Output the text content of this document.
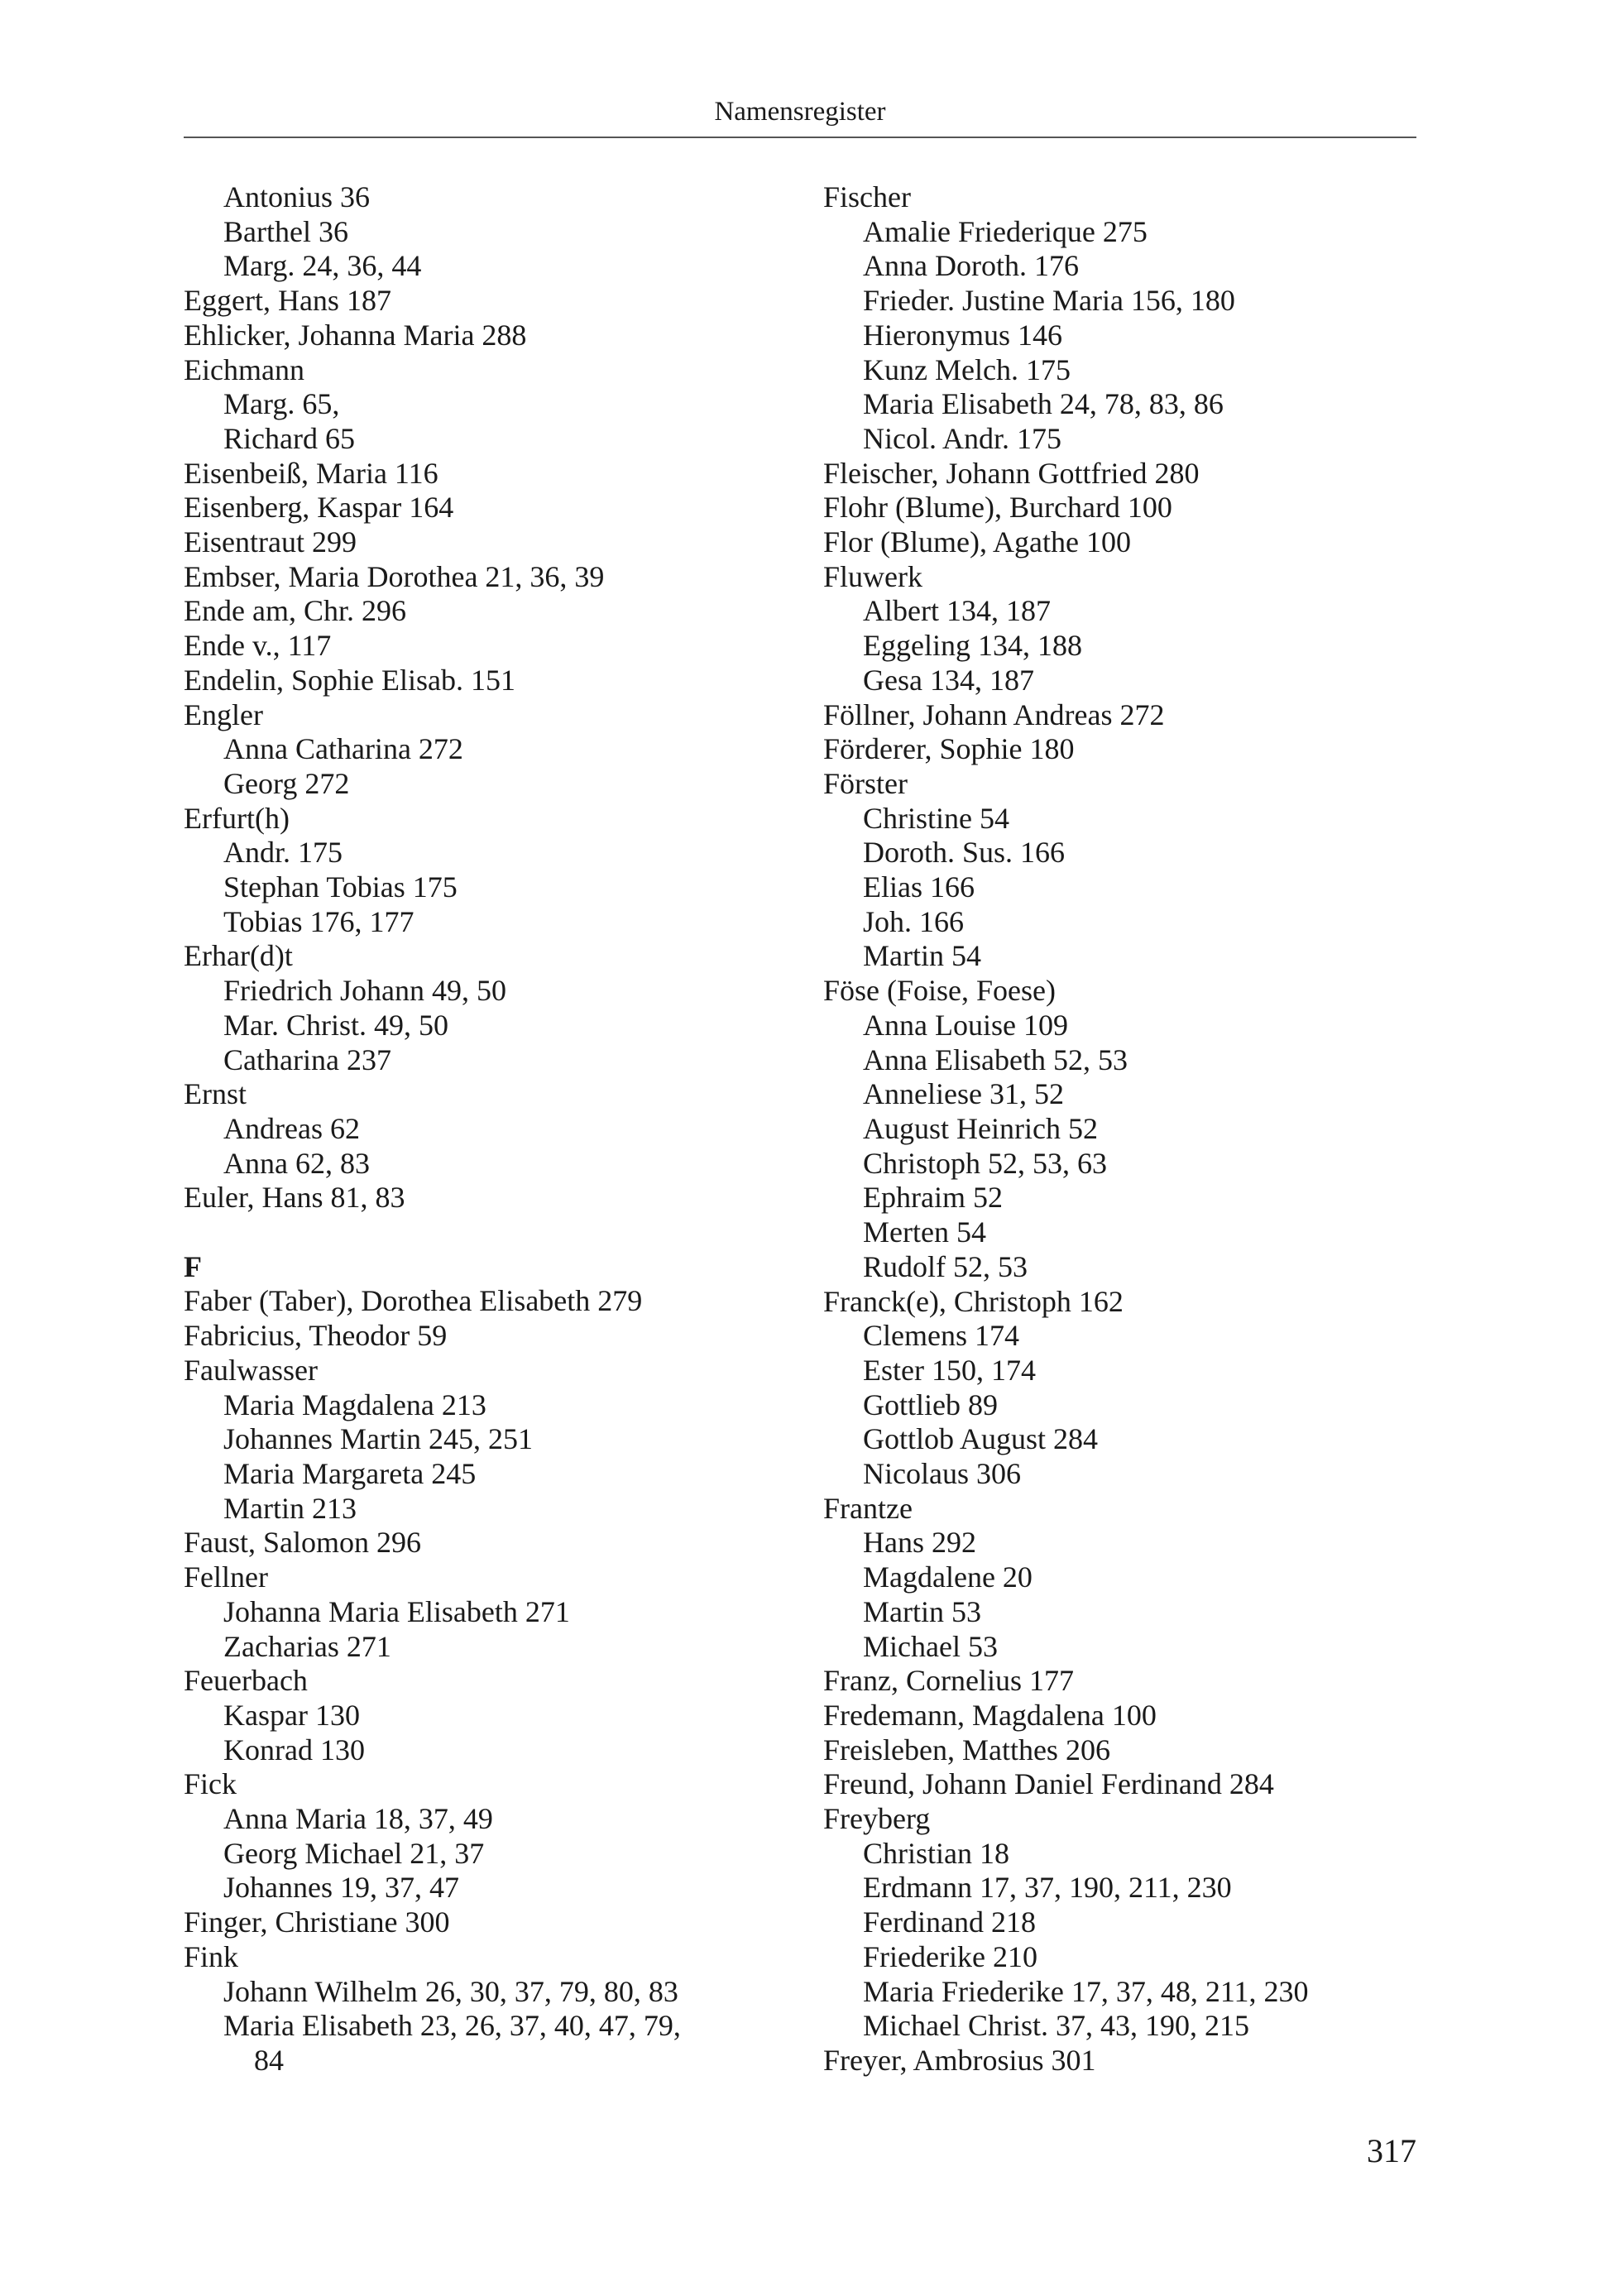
Namensregister
Antonius 36
Barthel 36
Marg. 24, 36, 44
Eggert, Hans 187
Ehlicker, Johanna Maria 288
Eichmann
Marg. 65,
Richard 65
Eisenbeiß, Maria 116
Eisenberg, Kaspar 164
Eisentraut 299
Embser, Maria Dorothea 21, 36, 39
Ende am, Chr. 296
Ende v., 117
Endelin, Sophie Elisab. 151
Engler
Anna Catharina 272
Georg 272
Erfurt(h)
Andr. 175
Stephan Tobias 175
Tobias 176, 177
Erhar(d)t
Friedrich Johann 49, 50
Mar. Christ. 49, 50
Catharina 237
Ernst
Andreas 62
Anna 62, 83
Euler, Hans 81, 83
F
Faber (Taber), Dorothea Elisabeth 279
Fabricius, Theodor 59
Faulwasser
Maria Magdalena 213
Johannes Martin 245, 251
Maria Margareta 245
Martin 213
Faust, Salomon 296
Fellner
Johanna Maria Elisabeth 271
Zacharias 271
Feuerbach
Kaspar 130
Konrad 130
Fick
Anna Maria 18, 37, 49
Georg Michael 21, 37
Johannes 19, 37, 47
Finger, Christiane 300
Fink
Johann Wilhelm 26, 30, 37, 79, 80, 83
Maria Elisabeth 23, 26, 37, 40, 47, 79,
84
Fischer
Amalie Friederique 275
Anna Doroth. 176
Frieder. Justine Maria 156, 180
Hieronymus 146
Kunz Melch. 175
Maria Elisabeth 24, 78, 83, 86
Nicol. Andr. 175
Fleischer, Johann Gottfried 280
Flohr (Blume), Burchard 100
Flor (Blume), Agathe 100
Fluwerk
Albert 134, 187
Eggeling 134, 188
Gesa 134, 187
Föllner, Johann Andreas 272
Förderer, Sophie 180
Förster
Christine 54
Doroth. Sus. 166
Elias 166
Joh. 166
Martin 54
Föse (Foise, Foese)
Anna Louise 109
Anna Elisabeth 52, 53
Anneliese 31, 52
August Heinrich 52
Christoph 52, 53, 63
Ephraim 52
Merten 54
Rudolf 52, 53
Franck(e), Christoph 162
Clemens 174
Ester 150, 174
Gottlieb 89
Gottlob August 284
Nicolaus 306
Frantze
Hans 292
Magdalene 20
Martin 53
Michael 53
Franz, Cornelius 177
Fredemann, Magdalena 100
Freisleben, Matthes 206
Freund, Johann Daniel Ferdinand 284
Freyberg
Christian 18
Erdmann 17, 37, 190, 211, 230
Ferdinand 218
Friederike 210
Maria Friederike 17, 37, 48, 211, 230
Michael Christ. 37, 43, 190, 215
Freyer, Ambrosius 301
317
